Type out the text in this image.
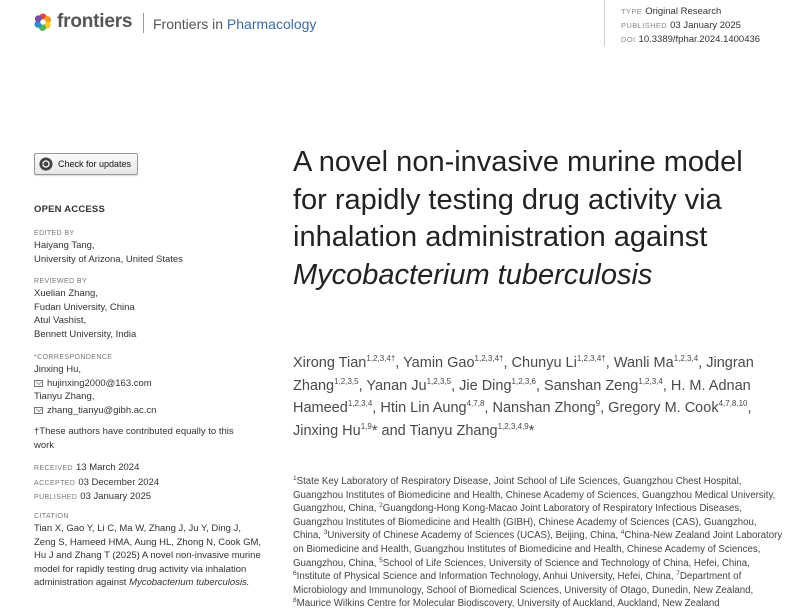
frontiers Frontiers in Pharmacology
TYPE Original Research
PUBLISHED 03 January 2025
DOI 10.3389/fphar.2024.1400436
Check for updates
OPEN ACCESS
EDITED BY

Haiyang Tang,

University of Arizona, United States

REVIEWED BY

Xuelian Zhang,

Fudan University, China

Atul Vashist,

Bennett University, India

*CORRESPONDENCE

Jinxing Hu,

hujinxing2000@163.com

Tianyu Zhang,

zhang_tianyu@gibh.ac.cn

†These authors have contributed equally to this work

RECEIVED 13 March 2024

ACCEPTED 03 December 2024

PUBLISHED 03 January 2025

CITATION

Tian X, Gao Y, Li C, Ma W, Zhang J, Ju Y, Ding J, Zeng S, Hameed HMA, Aung HL, Zhong N, Cook GM, Hu J and Zhang T (2025) A novel non-invasive murine model for rapidly testing drug activity via inhalation administration against Mycobacterium tuberculosis.

A novel non-invasive murine model for rapidly testing drug activity via inhalation administration against Mycobacterium tuberculosis
Xirong Tian$^{1,2,3,4\dagger}$, Yamin Gao$^{1,2,3,4\dagger}$, Chunyu $Li^{1,2,3,4\dagger}$, Wanli Ma$^{1,2,3,4}$, Jingran Zhang$^{1,2,3,5}$, Yanan Ju$^{1,2,3,5}$, Jie Ding$^{1,2,3,6}$, Sanshan Zeng$^{1,2,3,4}$, H. M. Adnan Hameed$^{1,2,3,4}$, Htin Lin Aung$^{4,7,8}$, Nanshan Zhong$^9$, Gregory M. Cook$^{4,7,8,10}$, Jinxing Hu$^{1,9}$* and Tianyu Zhang$^{1,2,3,4,9}$*
$^1$State Key Laboratory of Respiratory Disease, Joint School of Life Sciences, Guangzhou Chest Hospital, Guangzhou Institutes of Biomedicine and Health, Chinese Academy of Sciences, Guangzhou Medical University, Guangzhou, China, $^2$Guangdong-Hong Kong-Macao Joint Laboratory of Respiratory Infectious Diseases, Guangzhou Institutes of Biomedicine and Health (GIBH), Chinese Academy of Sciences (CAS), Guangzhou, China, $^3$University of Chinese Academy of Sciences (UCAS), Beijing, China, $^4$China-New Zealand Joint Laboratory on Biomedicine and Health, Guangzhou Institutes of Biomedicine and Health, Chinese Academy of Sciences, Guangzhou, China, $^5$School of Life Sciences, University of Science and Technology of China, Hefei, China, $^6$Institute of Physical Science and Information Technology, Anhui University, Hefei, China, $^7$Department of Microbiology and Immunology, School of Biomedical Sciences, University of Otago, Dunedin, New Zealand, $^8$Maurice Wilkins Centre for Molecular Biodiscovery, University of Auckland, Auckland, New Zealand
